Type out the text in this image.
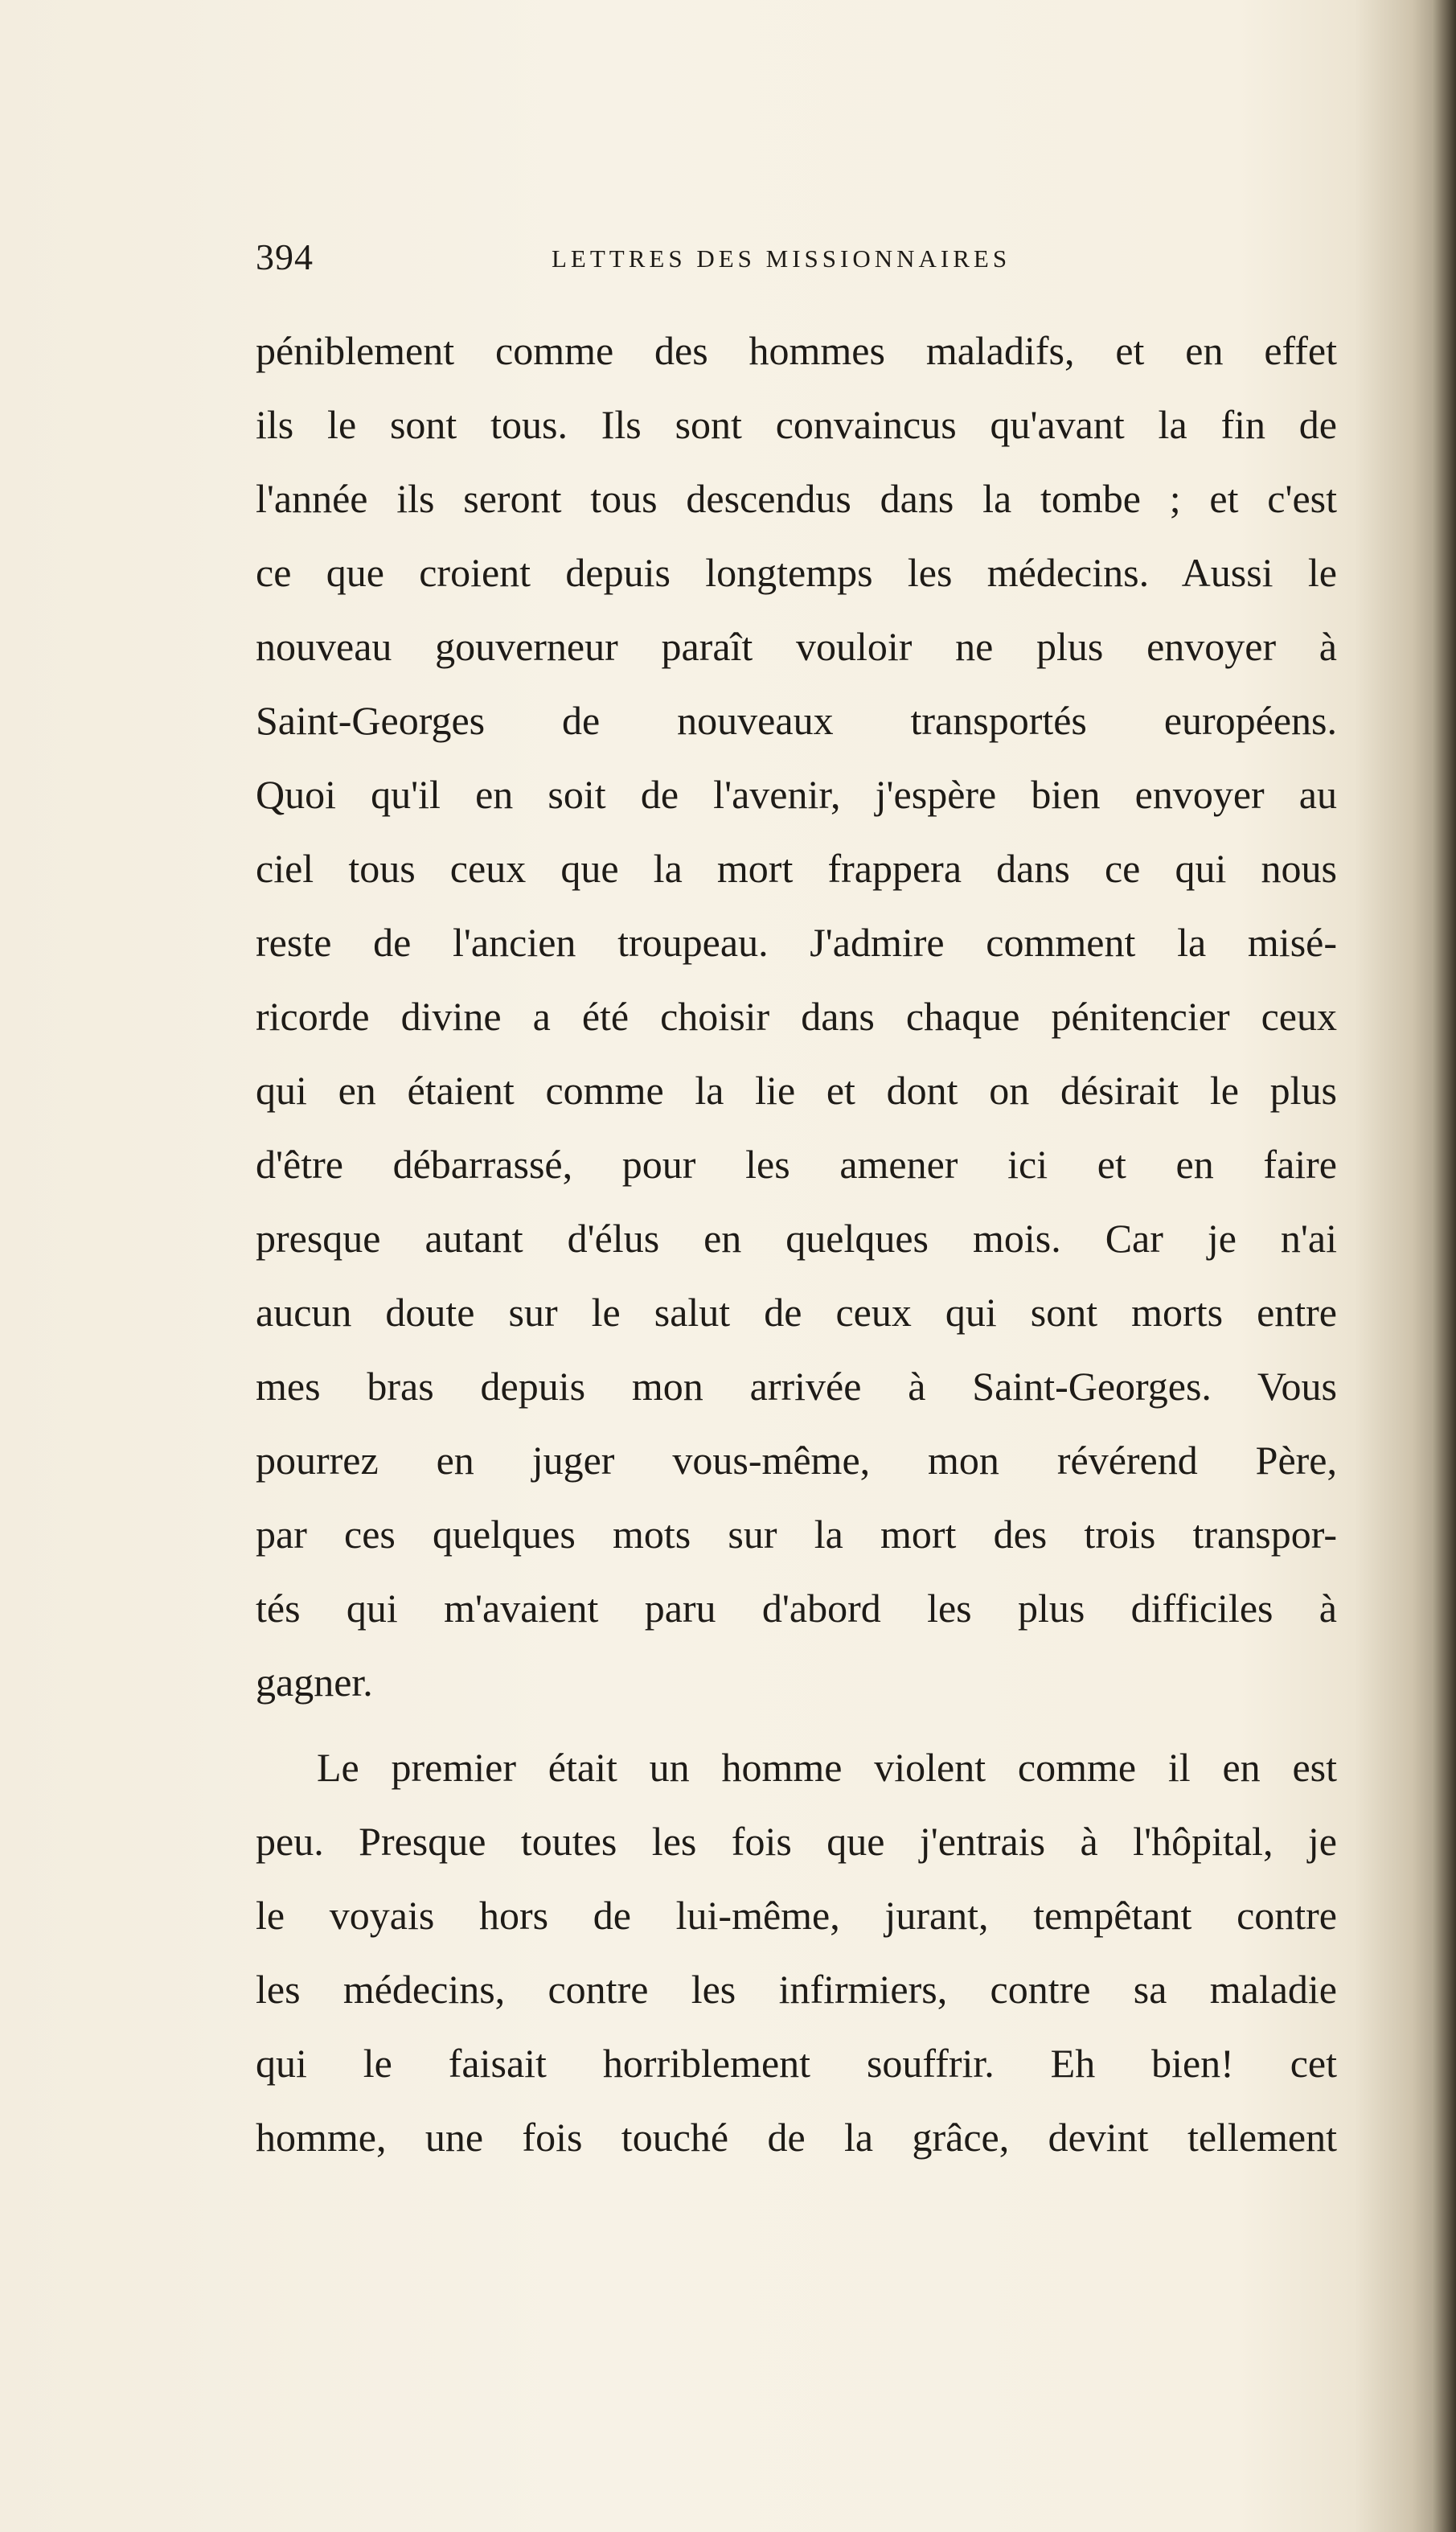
394	LETTRES DES MISSIONNAIRES
péniblement comme des hommes maladifs, et en effet
ils le sont tous. Ils sont convaincus qu'avant la fin de
l'année ils seront tous descendus dans la tombe ; et c'est
ce que croient depuis longtemps les médecins. Aussi le
nouveau gouverneur paraît vouloir ne plus envoyer à
Saint-Georges de nouveaux transportés européens.
Quoi qu'il en soit de l'avenir, j'espère bien envoyer au
ciel tous ceux que la mort frappera dans ce qui nous
reste de l'ancien troupeau. J'admire comment la misé-
ricorde divine a été choisir dans chaque pénitencier ceux
qui en étaient comme la lie et dont on désirait le plus
d'être débarrassé, pour les amener ici et en faire
presque autant d'élus en quelques mois. Car je n'ai
aucun doute sur le salut de ceux qui sont morts entre
mes bras depuis mon arrivée à Saint-Georges. Vous
pourrez en juger vous-même, mon révérend Père,
par ces quelques mots sur la mort des trois transpor-
tés qui m'avaient paru d'abord les plus difficiles à
gagner.
Le premier était un homme violent comme il en est
peu. Presque toutes les fois que j'entrais à l'hôpital, je
le voyais hors de lui-même, jurant, tempêtant contre
les médecins, contre les infirmiers, contre sa maladie
qui le faisait horriblement souffrir. Eh bien! cet
homme, une fois touché de la grâce, devint tellement
